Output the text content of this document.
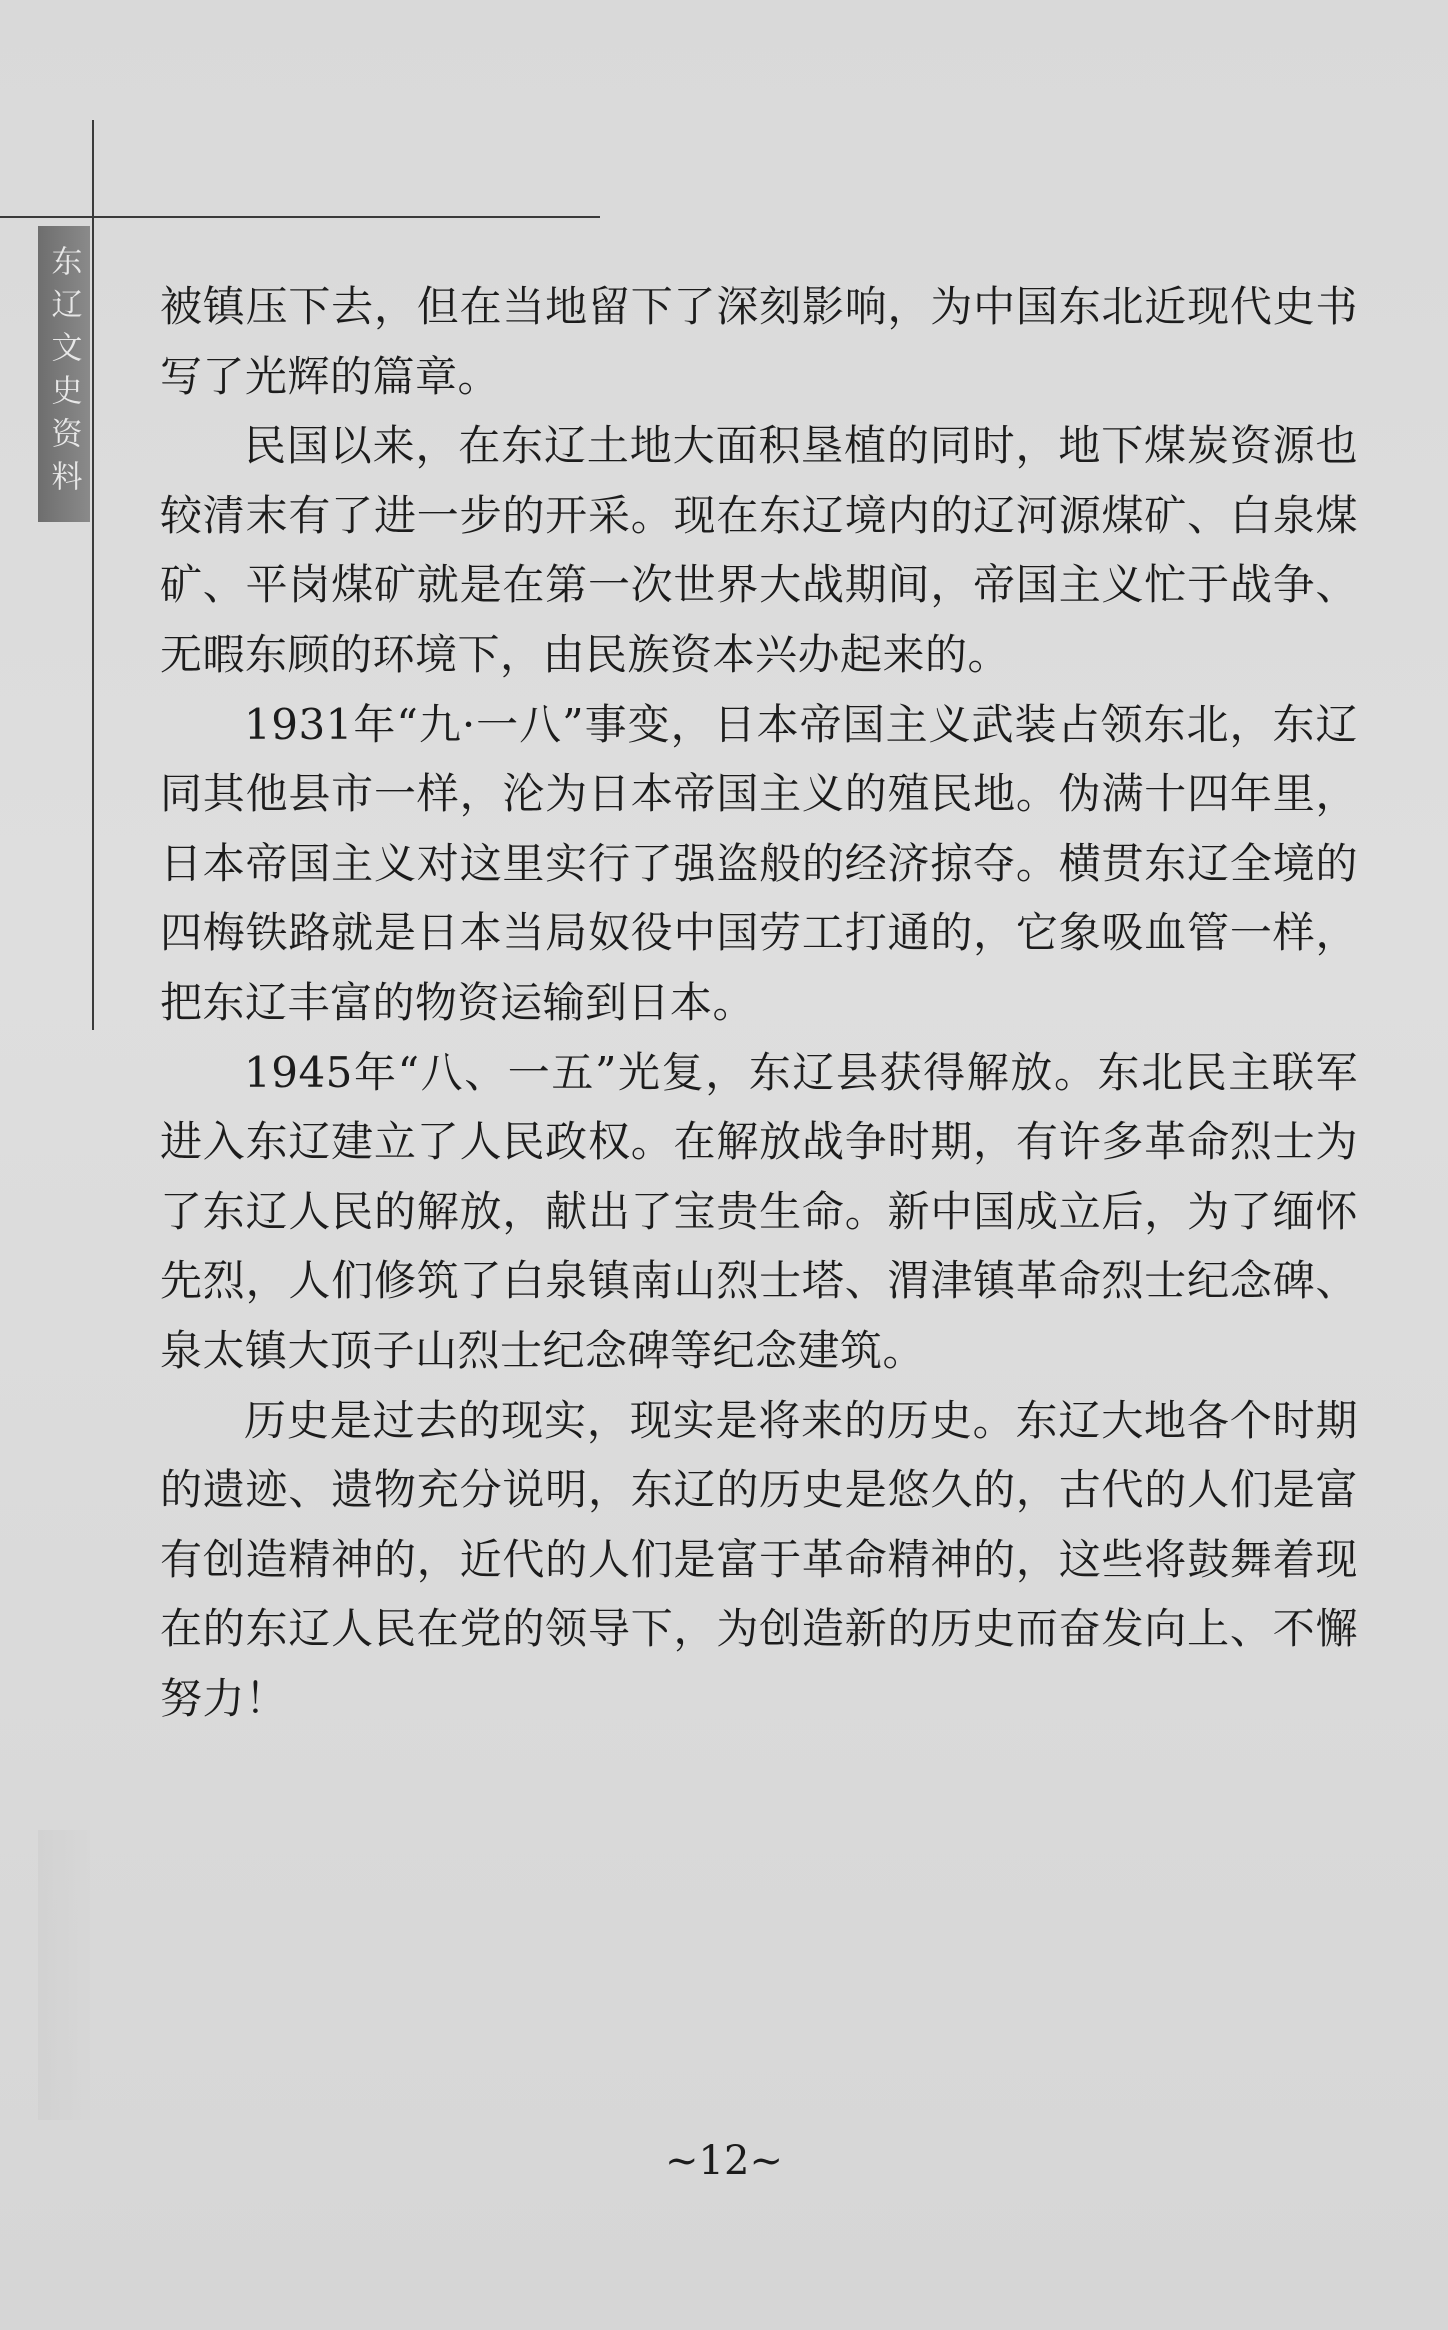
东辽文史资料 被镇压下去，但在当地留下了深刻影响，为中国东北近现代史书写了光辉的篇章。

民国以来，在东辽土地大面积垦植的同时，地下煤炭资源也较清末有了进一步的开采。现在东辽境内的辽河源煤矿、白泉煤矿、平岗煤矿就是在第一次世界大战期间，帝国主义忙于战争、无暇东顾的环境下，由民族资本兴办起来的。

1931年“九·一八”事变，日本帝国主义武装占领东北，东辽同其他县市一样，沦为日本帝国主义的殖民地。伪满十四年里，日本帝国主义对这里实行了强盗般的经济掠夺。横贯东辽全境的四梅铁路就是日本当局奴役中国劳工打通的，它象吸血管一样，把东辽丰富的物资运输到日本。

1945年“八、一五”光复，东辽县获得解放。东北民主联军进入东辽建立了人民政权。在解放战争时期，有许多革命烈士为了东辽人民的解放，献出了宝贵生命。新中国成立后，为了缅怀先烈，人们修筑了白泉镇南山烈士塔、渭津镇革命烈士纪念碑、泉太镇大顶子山烈士纪念碑等纪念建筑。

历史是过去的现实，现实是将来的历史。东辽大地各个时期的遗迹、遗物充分说明，东辽的历史是悠久的，古代的人们是富有创造精神的，近代的人们是富于革命精神的，这些将鼓舞着现在的东辽人民在党的领导下，为创造新的历史而奋发向上、不懈努力！

~12~
